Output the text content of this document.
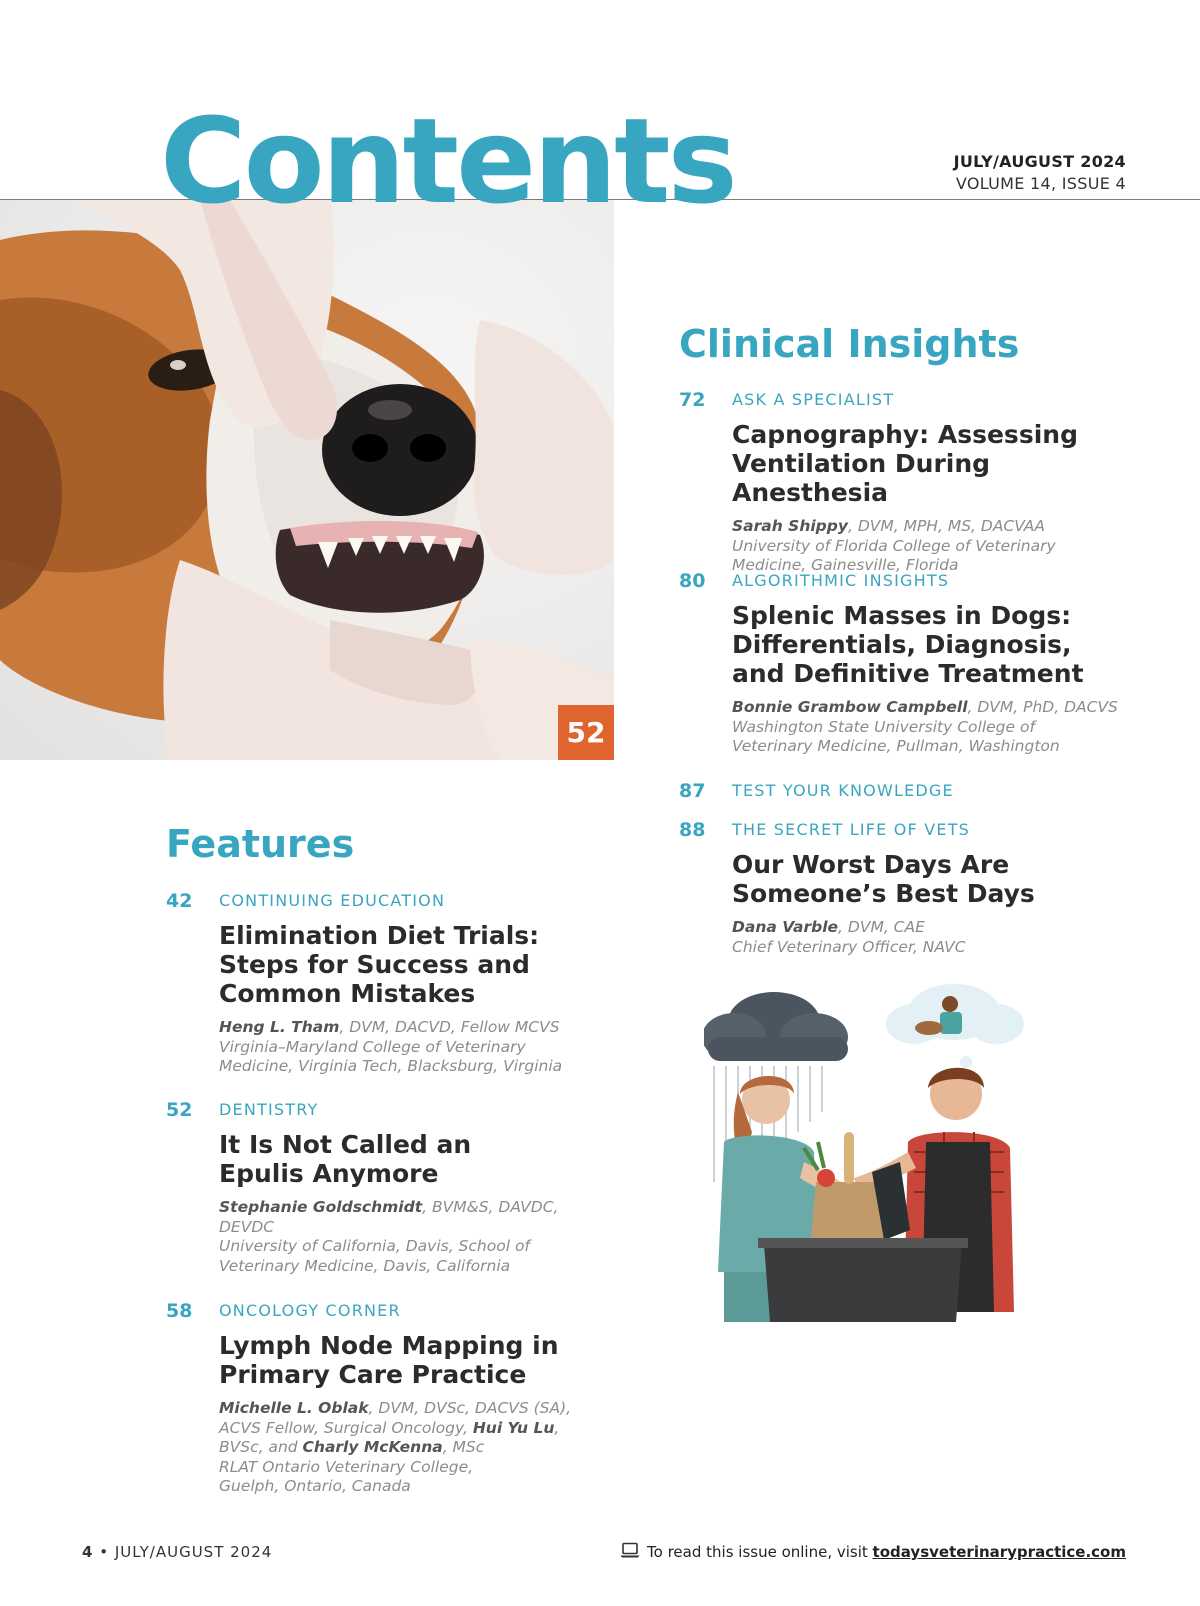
Contents	JULY/AUGUST 2024
VOLUME 14, ISSUE 4
52
Clinical Insights
72 ASK A SPECIALIST
Capnography: Assessing
Ventilation During Anesthesia
Sarah Shippy, DVM, MPH, MS, DACVAA
University of Florida College of Veterinary
Medicine, Gainesville, Florida
80 ALGORITHMIC INSIGHTS
Splenic Masses in Dogs:
Differentials, Diagnosis,
and Definitive Treatment
Bonnie Grambow Campbell, DVM, PhD, DACVS
Washington State University College of
Veterinary Medicine, Pullman, Washington
87 TEST YOUR KNOWLEDGE
88 THE SECRET LIFE OF VETS
Our Worst Days Are
Someone’s Best Days
Dana Varble, DVM, CAE
Chief Veterinary Officer, NAVC
Features
42 CONTINUING EDUCATION
Elimination Diet Trials:
Steps for Success and
Common Mistakes
Heng L. Tham, DVM, DACVD, Fellow MCVS
Virginia–Maryland College of Veterinary
Medicine, Virginia Tech, Blacksburg, Virginia
52 DENTISTRY
It Is Not Called an
Epulis Anymore
Stephanie Goldschmidt, BVM&S, DAVDC,
DEVDC
University of California, Davis, School of
Veterinary Medicine, Davis, California
58 ONCOLOGY CORNER
Lymph Node Mapping in
Primary Care Practice
Michelle L. Oblak, DVM, DVSc, DACVS (SA),
ACVS Fellow, Surgical Oncology, Hui Yu Lu,
BVSc, and Charly McKenna, MSc
RLAT Ontario Veterinary College,
Guelph, Ontario, Canada
4 • JULY/AUGUST 2024	To read this issue online, visit todaysveterinarypractice.com
